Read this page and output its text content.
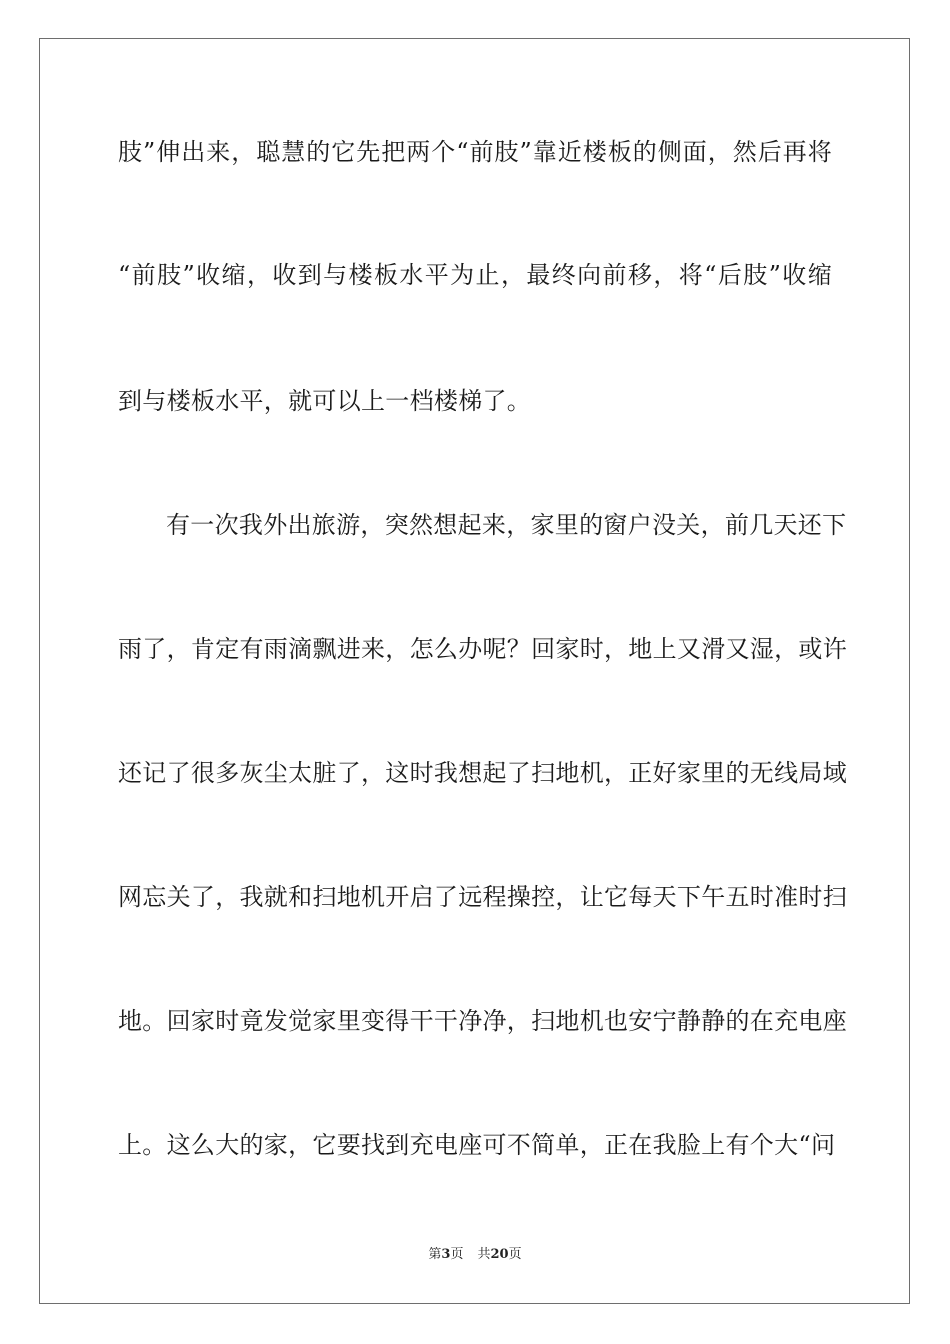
肢”伸出来，聪慧的它先把两个“前肢”靠近楼板的侧面，然后再将
“前肢”收缩，收到与楼板水平为止，最终向前移，将“后肢”收缩
到与楼板水平，就可以上一档楼梯了。
有一次我外出旅游，突然想起来，家里的窗户没关，前几天还下
雨了，肯定有雨滴飘进来，怎么办呢？回家时，地上又滑又湿，或许
还记了很多灰尘太脏了，这时我想起了扫地机，正好家里的无线局域
网忘关了，我就和扫地机开启了远程操控，让它每天下午五时准时扫
地。回家时竟发觉家里变得干干净净，扫地机也安宁静静的在充电座
上。这么大的家，它要找到充电座可不简单，正在我脸上有个大“问
第3页 共20页
